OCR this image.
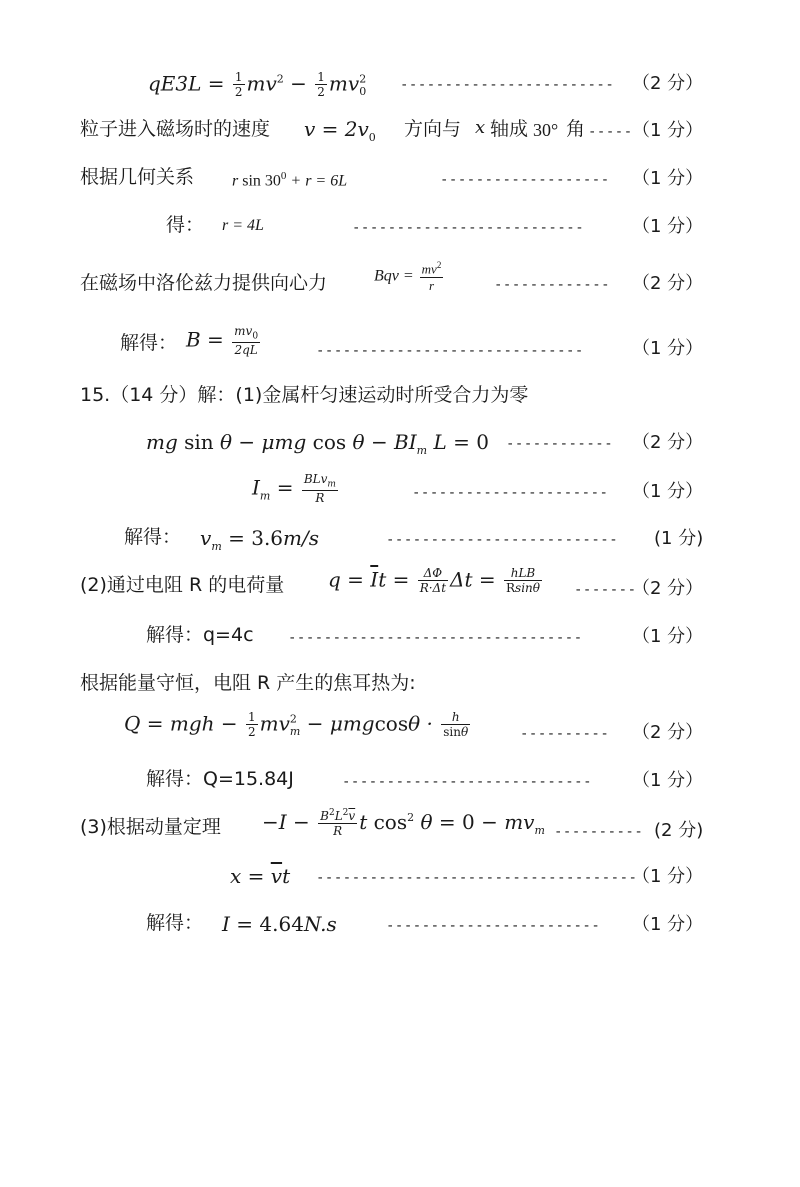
$qE3L = \frac{1}{2} mv^2 - \frac{1}{2} mv^2_0$ ------------------------ （2 分）
粒子进入磁场时的速度 $v = 2v_0$ 方向与 x 轴成 30° 角 ----- （1 分）
根据几何关系 r $\sin 30^0 + r = 6L$	------------------- （1 分）
得： r = 4L	--------------------------	（1 分）
在磁场中洛伦兹力提供向心力	Bqv = $\frac{mv^2}{r}$	------------- （2 分）
解得： $B = \frac{mv_0}{2qL}$	------------------------------	（1 分）
15.（14 分）解：(1)金属杆匀速运动时所受合力为零
mg sin θ − μmg $\cos \theta - BI_m$ L = 0 ------------ （2 分）
$I_m = \frac{BLv_m}{R}$	---------------------- （1 分）
解得： $v_m = 3.6m/s$	-------------------------- (1 分)
(2)通过电阻 R 的电荷量 $q = \overline{I}t = \frac{\Delta\Phi}{R\cdot\Delta t}$ $\Delta t = \frac{\text{hLB}}{Rsin\theta}$ -------
（2 分）
解得：q=4c ---------------------------------	（1 分）
根据能量守恒，电阻 R 产生的焦耳热为:
Q = mgh − $\frac{1}{2} mv^2_m - \mu mgcos\theta \cdot \frac{h}{\sin\theta}$	---------- （2 分）
解得：Q=15.84J	---------------------------- （1 分）
(3)根据动量定理 $-I - \frac{B^2L^2\overline{v}}{R}$ t $\cos^2 \theta = 0 - mv_m$ ---------- (2 分)
$x = \overline{v}t$ ------------------------------------
（1 分）
解得： I = 4.64N.s	------------------------ （1 分）
